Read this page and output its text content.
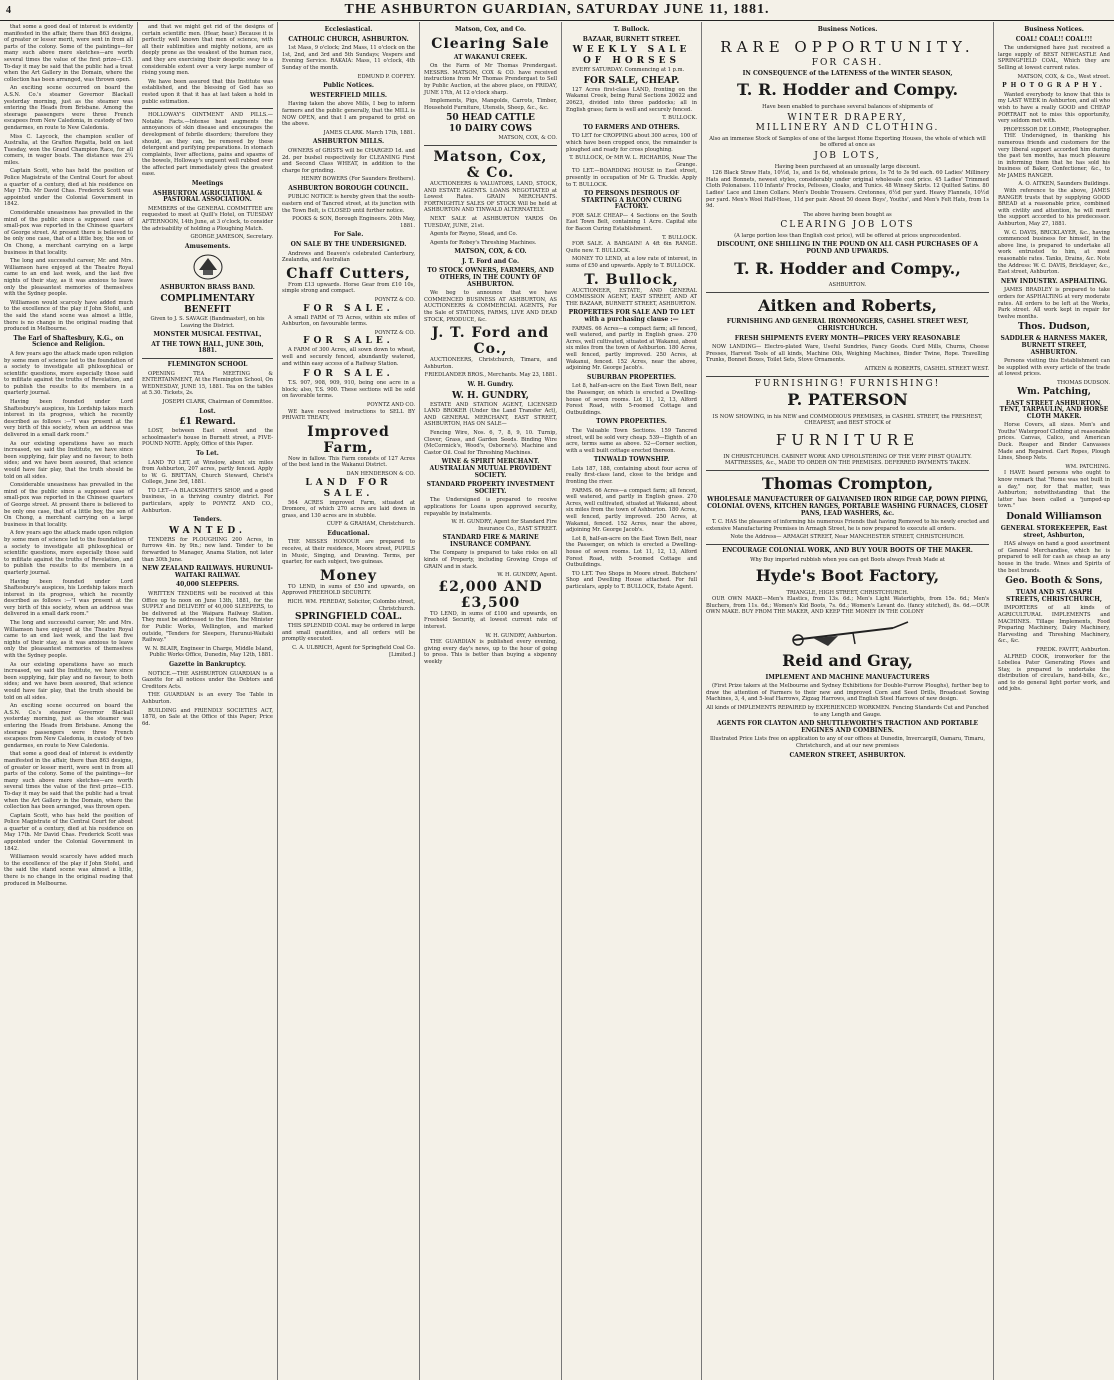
4	THE ASHBURTON GUARDIAN, SATURDAY JUNE 11, 1881.

that some a good deal of interest is evidently manifested in the affair, there than 863 designs, of greater or lesser merit, were sent in from all parts of the colony. Some of the paintings—for many such above mere sketches—are worth several times the value of the first prize—£15. To-day it may be said that the public had a treat when the Art Gallery in the Domain, where the collection has been arranged, was thrown open.

An exciting scene occurred on board the A.S.N. Co.'s steamer Governor Blackall yesterday morning, just as the steamer was entering the Heads from Brisbane. Among the steerage passengers were three French escapees from New Caledonia, in custody of two gendarmes, en route to New Caledonia.

Miss C. Laycock, the champion sculler of Australia, at the Grafton Regatta, held on last Tuesday, won the Grand Champion Race, for all comers, in wager boats. The distance was 2¼ miles.

Captain Scott, who has held the position of Police Magistrate of the Central Court for about a quarter of a century, died at his residence on May 17th. Mr David Chas. Frederick Scott was appointed under the Colonial Government in 1842.

Considerable uneasiness has prevailed in the mind of the public since a supposed case of small-pox was reported in the Chinese quarters of George street. At present there is believed to be only one case, that of a little boy, the son of On Chong, a merchant carrying on a large business in that locality.

The long and successful career, Mr. and Mrs. Williamson have enjoyed at the Theatre Royal came to an end last week, and the last five nights of their stay, as it was anxious to leave only the pleasantest memories of themselves with the Sydney people.

Williamson would scarcely have added much to the excellence of the play if John Stofel, and the said the stand scene was almost a little, there is no change in the original reading that produced in Melbourne.

The Earl of Shaftesbury, K.G., on Science and Religion.

A few years ago the attack made upon religion by some men of science led to the foundation of a society to investigate all philosophical or scientific questions, more especially those said to militate against the truths of Revelation, and to publish the results to its members in a quarterly journal.

Having been founded under Lord Shaftesbury's auspices, his Lordship takes much interest in its progress, which he recently described as follows :—"I was present at the very birth of this society, when an address was delivered in a small dark room."

As our existing operations have so much increased, we said the Institute, we have since been supplying, fair play and no favour, to both sides; and we have been assured, that science would have fair play, that the truth should be told on all sides.

Considerable uneasiness has prevailed in the mind of the public since a supposed case of small-pox was reported in the Chinese quarters of George street. At present there is believed to be only one case, that of a little boy, the son of On Chong, a merchant carrying on a large business in that locality.

A few years ago the attack made upon religion by some men of science led to the foundation of a society to investigate all philosophical or scientific questions, more especially those said to militate against the truths of Revelation, and to publish the results to its members in a quarterly journal.

Having been founded under Lord Shaftesbury's auspices, his Lordship takes much interest in its progress, which he recently described as follows :—"I was present at the very birth of this society, when an address was delivered in a small dark room."

The long and successful career, Mr. and Mrs. Williamson have enjoyed at the Theatre Royal came to an end last week, and the last five nights of their stay, as it was anxious to leave only the pleasantest memories of themselves with the Sydney people.

As our existing operations have so much increased, we said the Institute, we have since been supplying, fair play and no favour, to both sides; and we have been assured, that science would have fair play, that the truth should be told on all sides.

An exciting scene occurred on board the A.S.N. Co.'s steamer Governor Blackall yesterday morning, just as the steamer was entering the Heads from Brisbane. Among the steerage passengers were three French escapees from New Caledonia, in custody of two gendarmes, en route to New Caledonia.

that some a good deal of interest is evidently manifested in the affair, there than 863 designs, of greater or lesser merit, were sent in from all parts of the colony. Some of the paintings—for many such above mere sketches—are worth several times the value of the first prize—£15. To-day it may be said that the public had a treat when the Art Gallery in the Domain, where the collection has been arranged, was thrown open.

Captain Scott, who has held the position of Police Magistrate of the Central Court for about a quarter of a century, died at his residence on May 17th. Mr David Chas. Frederick Scott was appointed under the Colonial Government in 1842.

Williamson would scarcely have added much to the excellence of the play if John Stofel, and the said the stand scene was almost a little, there is no change in the original reading that produced in Melbourne.

and that we might get rid of the designs of certain scientific men. (Hear, hear.) Because it is perfectly well known that men of science, with all their sublimities and mighty notions, are as deeply prone as the weakest of the human race, and they are exercising their despotic sway to a considerable extent over a very large number of rising young men.

We have been assured that this Institute was established, and the blessing of God has so rested upon it that it has at last taken a hold in public estimation.

HOLLOWAY'S OINTMENT AND PILLS.—Notable Facts.—Intense heat augments the annoyances of skin disease and encourages the development of febrile disorders; therefore they should, as they can, be removed by these detergent and purifying preparations. In stomach complaints, liver affections, pains and spasms of the bowels, Holloway's unguent well rubbed over the affected part immediately gives the greatest ease.

Meetings
ASHBURTON AGRICULTURAL & PASTORAL ASSOCIATION.

MEMBERS of the GENERAL COMMITTEE are requested to meet at Quill's Hotel, on TUESDAY AFTERNOON, 14th June, at 3 o'clock, to consider the advisability of holding a Ploughing Match.

GEORGE JAMESON, Secretary.
Amusements.
ASHBURTON BRASS BAND.
COMPLIMENTARY BENEFIT
Given to J. S. SAVAGE (Bandmaster), on his Leaving the District.
MONSTER MUSICAL FESTIVAL,
AT THE TOWN HALL, JUNE 30th, 1881.
FLEMINGTON SCHOOL

OPENING TEA MEETING & ENTERTAINMENT, At the Flemington School, On WEDNESDAY, JUNE 15, 1881. Tea on the tables at 5.30. Tickets, 2s.

JOSEPH CLARK, Chairman of Committee.
Lost.
£1 Reward.

LOST, between East street and the schoolmaster's house in Burnett street, a FIVE-POUND NOTE. Apply, Office of this Paper.

To Let.

LAND TO LET, at Winslow, about six miles from Ashburton, 207 acres, partly fenced. Apply to W. G. BRITTAN, Church Steward, Christ's College, June 3rd, 1881.

TO LET—A BLACKSMITH'S SHOP, and a good business, in a thriving country district. For particulars, apply to POYNTZ AND CO., Ashburton.

Tenders.
WANTED.

TENDERS for PLOUGHING 200 Acres, in furrows 4in. by 9in.; new land. Tender to be forwarded to Manager, Anama Station, not later than 30th June.

NEW ZEALAND RAILWAYS. HURUNUI-WAITAKI RAILWAY.
40,000 SLEEPERS.

WRITTEN TENDERS will be received at this Office up to noon on June 13th, 1881, for the SUPPLY and DELIVERY of 40,000 SLEEPERS, to be delivered at the Waipara Railway Station. They must be addressed to the Hon. the Minister for Public Works, Wellington, and marked outside, "Tenders for Sleepers, Hurunui-Waitaki Railway."

W. N. BLAIR, Engineer in Charge, Middle Island, Public Works Office, Dunedin, May 12th, 1881.
Gazette in Bankruptcy.

NOTICE.—THE ASHBURTON GUARDIAN is a Gazette for all notices under the Debtors and Creditors Acts.

THE GUARDIAN is an every Toe Table in Ashburton.

BUILDING and FRIENDLY SOCIETIES ACT, 1878, on Sale at the Office of this Paper; Price 6d.

Ecclesiastical.
CATHOLIC CHURCH, ASHBURTON.

1st Mass, 9 o'clock; 2nd Mass, 11 o'clock on the 1st, 2nd, and 3rd and 5th Sundays; Vespers and Evening Service. RAKAIA: Mass, 11 o'clock, 4th Sunday of the month.

EDMUND P. COFFEY.
Public Notices.
WESTERFIELD MILLS.

Having taken the above Mills, I beg to inform farmers and the public generally, that the MILL is NOW OPEN, and that I am prepared to grist on the above.

JAMES CLARK. March 17th, 1881.
ASHBURTON MILLS.

OWNERS of GRISTS will be CHARGED 1d. and 2d. per bushel respectively for CLEANING First and Second Class WHEAT, in addition to the charge for grinding.

HENRY BOWERS (For Saunders Brothers).
ASHBURTON BOROUGH COUNCIL.

PUBLIC NOTICE is hereby given that the south-eastern end of Tancred street, at its junction with the Town Belt, is CLOSED until further notice.

POOKS & SON, Borough Engineers. 20th May, 1881.
For Sale.
ON SALE BY THE UNDERSIGNED.

Andrews and Beaven's celebrated Canterbury, Zealandia, and Australian

Chaff Cutters,

From £13 upwards. Horse Gear from £10 10s, simple strong and compact.

POYNTZ & CO.
FOR SALE.

A small FARM of 75 Acres, within six miles of Ashburton, on favourable terms.

POYNTZ & CO.
FOR SALE.

A FARM of 300 Acres, all sown down to wheat, well and securely fenced, abundantly watered, and within easy access of a Railway Station.

FOR SALE.

T.S. 907, 908, 909, 910, being one acre in a block; also, T.S. 900. These sections will be sold on favorable terms.

POYNTZ AND CO.

WE have received instructions to SELL BY PRIVATE TREATY,

Improved Farm,

Now in fallow. This Farm consists of 127 Acres of the best land in the Wakanui District.

DAN HENDERSON & CO.
LAND FOR SALE.

564 ACRES improved Farm, situated at Dromore, of which 270 acres are laid down in grass, and 130 acres are in stubble.

CUFF & GRAHAM, Christchurch.
Educational.

THE MISSES HONOUR are prepared to receive, at their residence, Moore street, PUPILS in Music, Singing, and Drawing. Terms, per quarter, for each subject, two guineas.

Money

TO LEND, in sums of £50 and upwards, on Approved FREEHOLD SECURITY.

RICH. WM. FEREDAY, Solicitor, Colombo street, Christchurch.
SPRINGFIELD COAL.

THIS SPLENDID COAL may be ordered in large and small quantities, and all orders will be promptly executed.

C. A. ULBRICH, Agent for Springfield Coal Co. [Limited.]
Matson, Cox, and Co.
Clearing Sale
AT WAKANUI CREEK.

On the Farm of Mr Thomas Prendergast. MESSRS. MATSON, COX & CO. have received instructions from Mr Thomas Prendergast to Sell by Public Auction, at the above place, on FRIDAY, JUNE 17th, At 12 o'clock sharp.

Implements, Pigs, Mangolds, Carrots, Timber, Household Furniture, Utensils, Sheep, &c., &c.

50 HEAD CATTLE
10 DAIRY COWS
MATSON, COX, & CO.
Matson, Cox, & Co.

AUCTIONEERS & VALUATORS, LAND, STOCK, AND ESTATE AGENTS. LOANS NEGOTIATED at Lowest Rates. GRAIN MERCHANTS. FORTNIGHTLY SALES OF STOCK Will be held at ASHBURTON AND TINWALD ALTERNATELY.

NEXT SALE at ASHBURTON YARDS On TUESDAY, JUNE, 21st.

Agents for Reyno, Stead, and Co.

Agents for Robey's Threshing Machines.

MATSON, COX, & CO.
J. T. Ford and Co.
TO STOCK OWNERS, FARMERS, AND OTHERS, IN THE COUNTY OF ASHBURTON.

We beg to announce that we have COMMENCED BUSINESS AT ASHBURTON, AS AUCTIONEERS & COMMERCIAL AGENTS, For the Sale of STATIONS, FARMS, LIVE AND DEAD STOCK, PRODUCE, &c.

J. T. Ford and Co.,

AUCTIONEERS, Christchurch, Timaru, and Ashburton.

FRIEDLANDER BROS., Merchants. May 23, 1881.
W. H. Gundry.
W. H. GUNDRY,

ESTATE AND STATION AGENT, LICENSED LAND BROKER (Under the Land Transfer Act), AND GENERAL MERCHANT, EAST STREET, ASHBURTON, HAS ON SALE—

Fencing Wire, Nos. 6, 7, 8, 9, 10. Turnip, Clover, Grass, and Garden Seeds. Binding Wire (McCormick's, Wood's, Osborne's). Machine and Castor Oil. Coal for Threshing Machines.

WINE & SPIRIT MERCHANT. AUSTRALIAN MUTUAL PROVIDENT SOCIETY.
STANDARD PROPERTY INVESTMENT SOCIETY.

The Undersigned is prepared to receive applications for Loans upon approved security, repayable by instalments.

W. H. GUNDRY, Agent for Standard Fire Insurance Co., EAST STREET.
STANDARD FIRE & MARINE INSURANCE COMPANY.

The Company is prepared to take risks on all kinds of Property, including Growing Crops of GRAIN and in stack.

W. H. GUNDRY, Agent.
£2,000 AND £3,500

TO LEND, in sums of £100 and upwards, on Freehold Security, at lowest current rate of interest.

W. H. GUNDRY, Ashburton.

THE GUARDIAN is published every evening, giving every day's news, up to the hour of going to press. This is better than buying a sixpenny weekly

T. Bullock.
BAZAAR, BURNETT STREET.
WEEKLY SALE OF HORSES

EVERY SATURDAY. Commencing at 1 p.m.

FOR SALE, CHEAP.

127 Acres first-class LAND, fronting on the Wakanui Creek, being Rural Sections 20622 and 20623, divided into three paddocks; all in English grass; farm is well and securely fenced.

T. BULLOCK.
TO FARMERS AND OTHERS.

TO LET for CROPPING about 300 acres, 100 of which have been cropped once, the remainder is ploughed and ready for cross ploughing.

T. BULLOCK, Or MR W. L. RICHARDS, Near The Grange.

TO LET.—BOARDING HOUSE in East street, presently in occupation of Mr G. Truckle. Apply to T. BULLOCK.

TO PERSONS DESIROUS OF STARTING A BACON CURING FACTORY.

FOR SALE CHEAP— 4 Sections on the South East Town Belt, containing 1 Acre. Capital site for Bacon Curing Establishment.

T. BULLOCK.

FOR SALE. A BARGAIN! A 4ft 6in RANGE. Quite new. T. BULLOCK.

MONEY TO LEND, at a low rate of interest, in sums of £50 and upwards. Apply to T. BULLOCK.

T. Bullock,

AUCTIONEER, ESTATE, AND GENERAL COMMISSION AGENT, EAST STREET, AND AT THE BAZAAR, BURNETT STREET, ASHBURTON.

PROPERTIES FOR SALE AND TO LET with a purchasing clause :—

FARMS. 66 Acres—a compact farm; all fenced, well watered, and partly in English grass. 270 Acres, well cultivated, situated at Wakanui, about six miles from the town of Ashburton. 180 Acres, well fenced, partly improved. 250 Acres, at Wakanui, fenced. 152 Acres, near the above, adjoining Mr. George Jacob's.

SUBURBAN PROPERTIES.

Lot 8, half-an-acre on the East Town Belt, near the Passenger, on which is erected a Dwelling-house of seven rooms. Lot 11, 12, 13, Alford Forest Road, with 5-roomed Cottage and Outbuildings.

TOWN PROPERTIES.

The Valuable Town Sections. 159 Tancred street, will be sold very cheap. 539—Eighth of an acre, terms same as above. 52—Corner section, with a well built cottage erected thereon.

TINWALD TOWNSHIP.

Lots 187, 188, containing about four acres of really first-class land, close to the bridge and fronting the river.

FARMS. 66 Acres—a compact farm; all fenced, well watered, and partly in English grass. 270 Acres, well cultivated, situated at Wakanui, about six miles from the town of Ashburton. 180 Acres, well fenced, partly improved. 250 Acres, at Wakanui, fenced. 152 Acres, near the above, adjoining Mr. George Jacob's.

Lot 8, half-an-acre on the East Town Belt, near the Passenger, on which is erected a Dwelling-house of seven rooms. Lot 11, 12, 13, Alford Forest Road, with 5-roomed Cottage and Outbuildings.

TO LET. Two Shops in Moore street. Butchers' Shop and Dwelling House attached. For full particulars, apply to T. BULLOCK, Estate Agent.

Business Notices.
RARE OPPORTUNITY.
FOR CASH.
IN CONSEQUENCE of the LATENESS of the WINTER SEASON,
T. R. Hodder and Compy.
Have been enabled to purchase several balances of shipments of
WINTER DRAPERY,
MILLINERY AND CLOTHING.
Also an immense Stock of Samples of one of the largest Home Exporting Houses, the whole of which will be offered at once as
JOB LOTS,
Having been purchased at an unusually large discount.

126 Black Straw Hats, 10½d, 1s, and 1s 6d, wholesale prices, 1s 7d to 3s 9d each. 60 Ladies' Millinery Hats and Bonnets, newest styles, considerably under original wholesale cost price. 45 Ladies' Trimmed Cloth Polonaises. 110 Infants' Frocks, Pelisses, Cloaks, and Tunics. 48 Winsey Skirts. 12 Quilted Satins. 80 Ladies' Lace and Linen Collars. Men's Double Trousers. Cretonnes, 6½d per yard. Heavy Flannels, 10½d per yard. Men's Wool Half-Hose, 11d per pair. About 50 dozen Boys', Youths', and Men's Felt Hats, from 1s 9d.

The above having been bought as
CLEARING JOB LOTS
(A large portion less than English cost price), will be offered at prices unprecedented.
DISCOUNT, ONE SHILLING IN THE POUND ON ALL CASH PURCHASES OF A POUND AND UPWARDS.
T. R. Hodder and Compy.,
ASHBURTON.
Aitken and Roberts,
FURNISHING AND GENERAL IRONMONGERS, CASHEL STREET WEST, CHRISTCHURCH.
FRESH SHIPMENTS EVERY MONTH—PRICES VERY REASONABLE

NOW LANDING— Electro-plated Ware, Useful Sundries, Fancy Goods. Curd Mills, Churns, Cheese Presses, Harvest Tools of all kinds, Machine Oils, Weighing Machines, Binder Twine, Rope. Travelling Trunks, Bonnet Boxes, Toilet Sets, Stove Ornaments.

AITKEN & ROBERTS, CASHEL STREET WEST.
FURNISHING! FURNISHING!
P. PATERSON
IS NOW SHOWING, in his NEW and COMMODIOUS PREMISES, in CASHEL STREET, the FRESHEST, CHEAPEST, and BEST STOCK of
FURNITURE
IN CHRISTCHURCH. CABINET WORK AND UPHOLSTERING OF THE VERY FIRST QUALITY. MATTRESSES, &c., MADE TO ORDER ON THE PREMISES. DEFERRED PAYMENTS TAKEN.
Thomas Crompton,
WHOLESALE MANUFACTURER OF GALVANISED IRON RIDGE CAP, DOWN PIPING, COLONIAL OVENS, KITCHEN RANGES, PORTABLE WASHING FURNACES, CLOSET PANS, LEAD WASHERS, &c.

T. C. HAS the pleasure of informing his numerous Friends that having Removed to his newly erected and extensive Manufacturing Premises in Armagh Street, he is now prepared to execute all orders.

Note the Address— ARMAGH STREET, Near MANCHESTER STREET, CHRISTCHURCH.
ENCOURAGE COLONIAL WORK, AND BUY YOUR BOOTS OF THE MAKER.
Why Buy imported rubbish when you can get Boots always Fresh Made at
Hyde's Boot Factory,
TRIANGLE, HIGH STREET, CHRISTCHURCH.

OUR OWN MAKE—Men's Elastics, from 13s. 6d.; Men's Light Watertights, from 15s. 6d.; Men's Bluchers, from 11s. 6d.; Women's Kid Boots, 7s. 6d.; Women's Levant do. (fancy stitched), 8s. 6d.—OUR OWN MAKE. BUY FROM THE MAKER, AND KEEP THE MONEY IN THE COLONY

Reid and Gray,
IMPLEMENT AND MACHINE MANUFACTURERS

(First Prize takers at the Melbourne and Sydney Exhibitions for Double-Furrow Ploughs), further beg to draw the attention of Farmers to their new and improved Corn and Seed Drills, Broadcast Sowing Machines, 3, 4, and 5-leaf Harrows, Zigzag Harrows, and English Steel Harrows of new design.

All kinds of IMPLEMENTS REPAIRED by EXPERIENCED WORKMEN. Fencing Standards Cut and Punched to any Length and Gauge.
AGENTS FOR CLAYTON AND SHUTTLEWORTH'S TRACTION AND PORTABLE ENGINES AND COMBINES.
Illustrated Price Lists free on application to any of our offices at Dunedin, Invercargill, Oamaru, Timaru, Christchurch, and at our new premises
CAMERON STREET, ASHBURTON.
Business Notices.
COAL! COAL!! COAL!!!

The undersigned have just received a large supply of BEST NEWCASTLE And SPRINGFIELD COAL, Which they are Selling at lowest current rates.

MATSON, COX, & Co., West street.
PHOTOGRAPHY.

Wanted everybody to know that this is my LAST WEEK in Ashburton, and all who wish to have a really GOOD and CHEAP PORTRAIT not to miss this opportunity, very seldom met with.

PROFESSOR DE LORME, Photographer.

THE Undersigned, in thanking his numerous friends and customers for the very liberal support accorded him during the past ten months, has much pleasure in informing them that he has sold his business of Baker, Confectioner, &c., to Mr JAMES RANGER.

A. O. AITKEN, Saunders Buildings.

With reference to the above, JAMES RANGER trusts that by supplying GOOD BREAD at a reasonable price, combined with civility and attention, he will merit the support accorded to his predecessor. Ashburton, May 27, 1881.

W. C. DAVIS, BRICKLAYER, &c., having commenced business for himself, in the above line, is prepared to undertake all work entrusted to him, at most reasonable rates. Tanks, Drains, &c. Note the Address: W. C. DAVIS, Bricklayer, &c., East street, Ashburton.

NEW INDUSTRY. ASPHALTING.

JAMES BRADLEY is prepared to take orders for ASPHALTING at very moderate rates. All orders to be left at the Works, Park street. All work kept in repair for twelve months.

Thos. Dudson,
SADDLER & HARNESS MAKER, BURNETT STREET, ASHBURTON.

Persons visiting this Establishment can be supplied with every article of the trade at lowest prices.

THOMAS DUDSON.
Wm. Patching,
EAST STREET ASHBURTON, TENT, TARPAULIN, AND HORSE CLOTH MAKER.

Horse Covers, all sizes. Men's and Youths' Waterproof Clothing at reasonable prices. Canvas, Calico, and American Duck. Reaper and Binder Canvasses Made and Repaired. Cart Ropes, Plough Lines, Sheep Nets.

WM. PATCHING.

I HAVE heard persons who ought to know remark that "Rome was not built in a day," nor, for that matter, was Ashburton; notwithstanding that the latter has been called a "jumped-up town."

Donald Williamson
GENERAL STOREKEEPER, East street, Ashburton,

HAS always on hand a good assortment of General Merchandise, which he is prepared to sell for cash as cheap as any house in the trade. Wines and Spirits of the best brands.

Geo. Booth & Sons,
TUAM AND ST. ASAPH STREETS, CHRISTCHURCH,

IMPORTERS of all kinds of AGRICULTURAL IMPLEMENTS and MACHINES. Tillage Implements, Food Preparing Machinery, Dairy Machinery, Harvesting and Threshing Machinery, &c., &c.

FREDK. FAVITT, Ashburton.

ALFRED COOK, ironworker for the Lobeliea Pater Generating Plows and Stay, is prepared to undertake the distribution of circulars, hand-bills, &c., and to do general light porter work, and odd jobs.
